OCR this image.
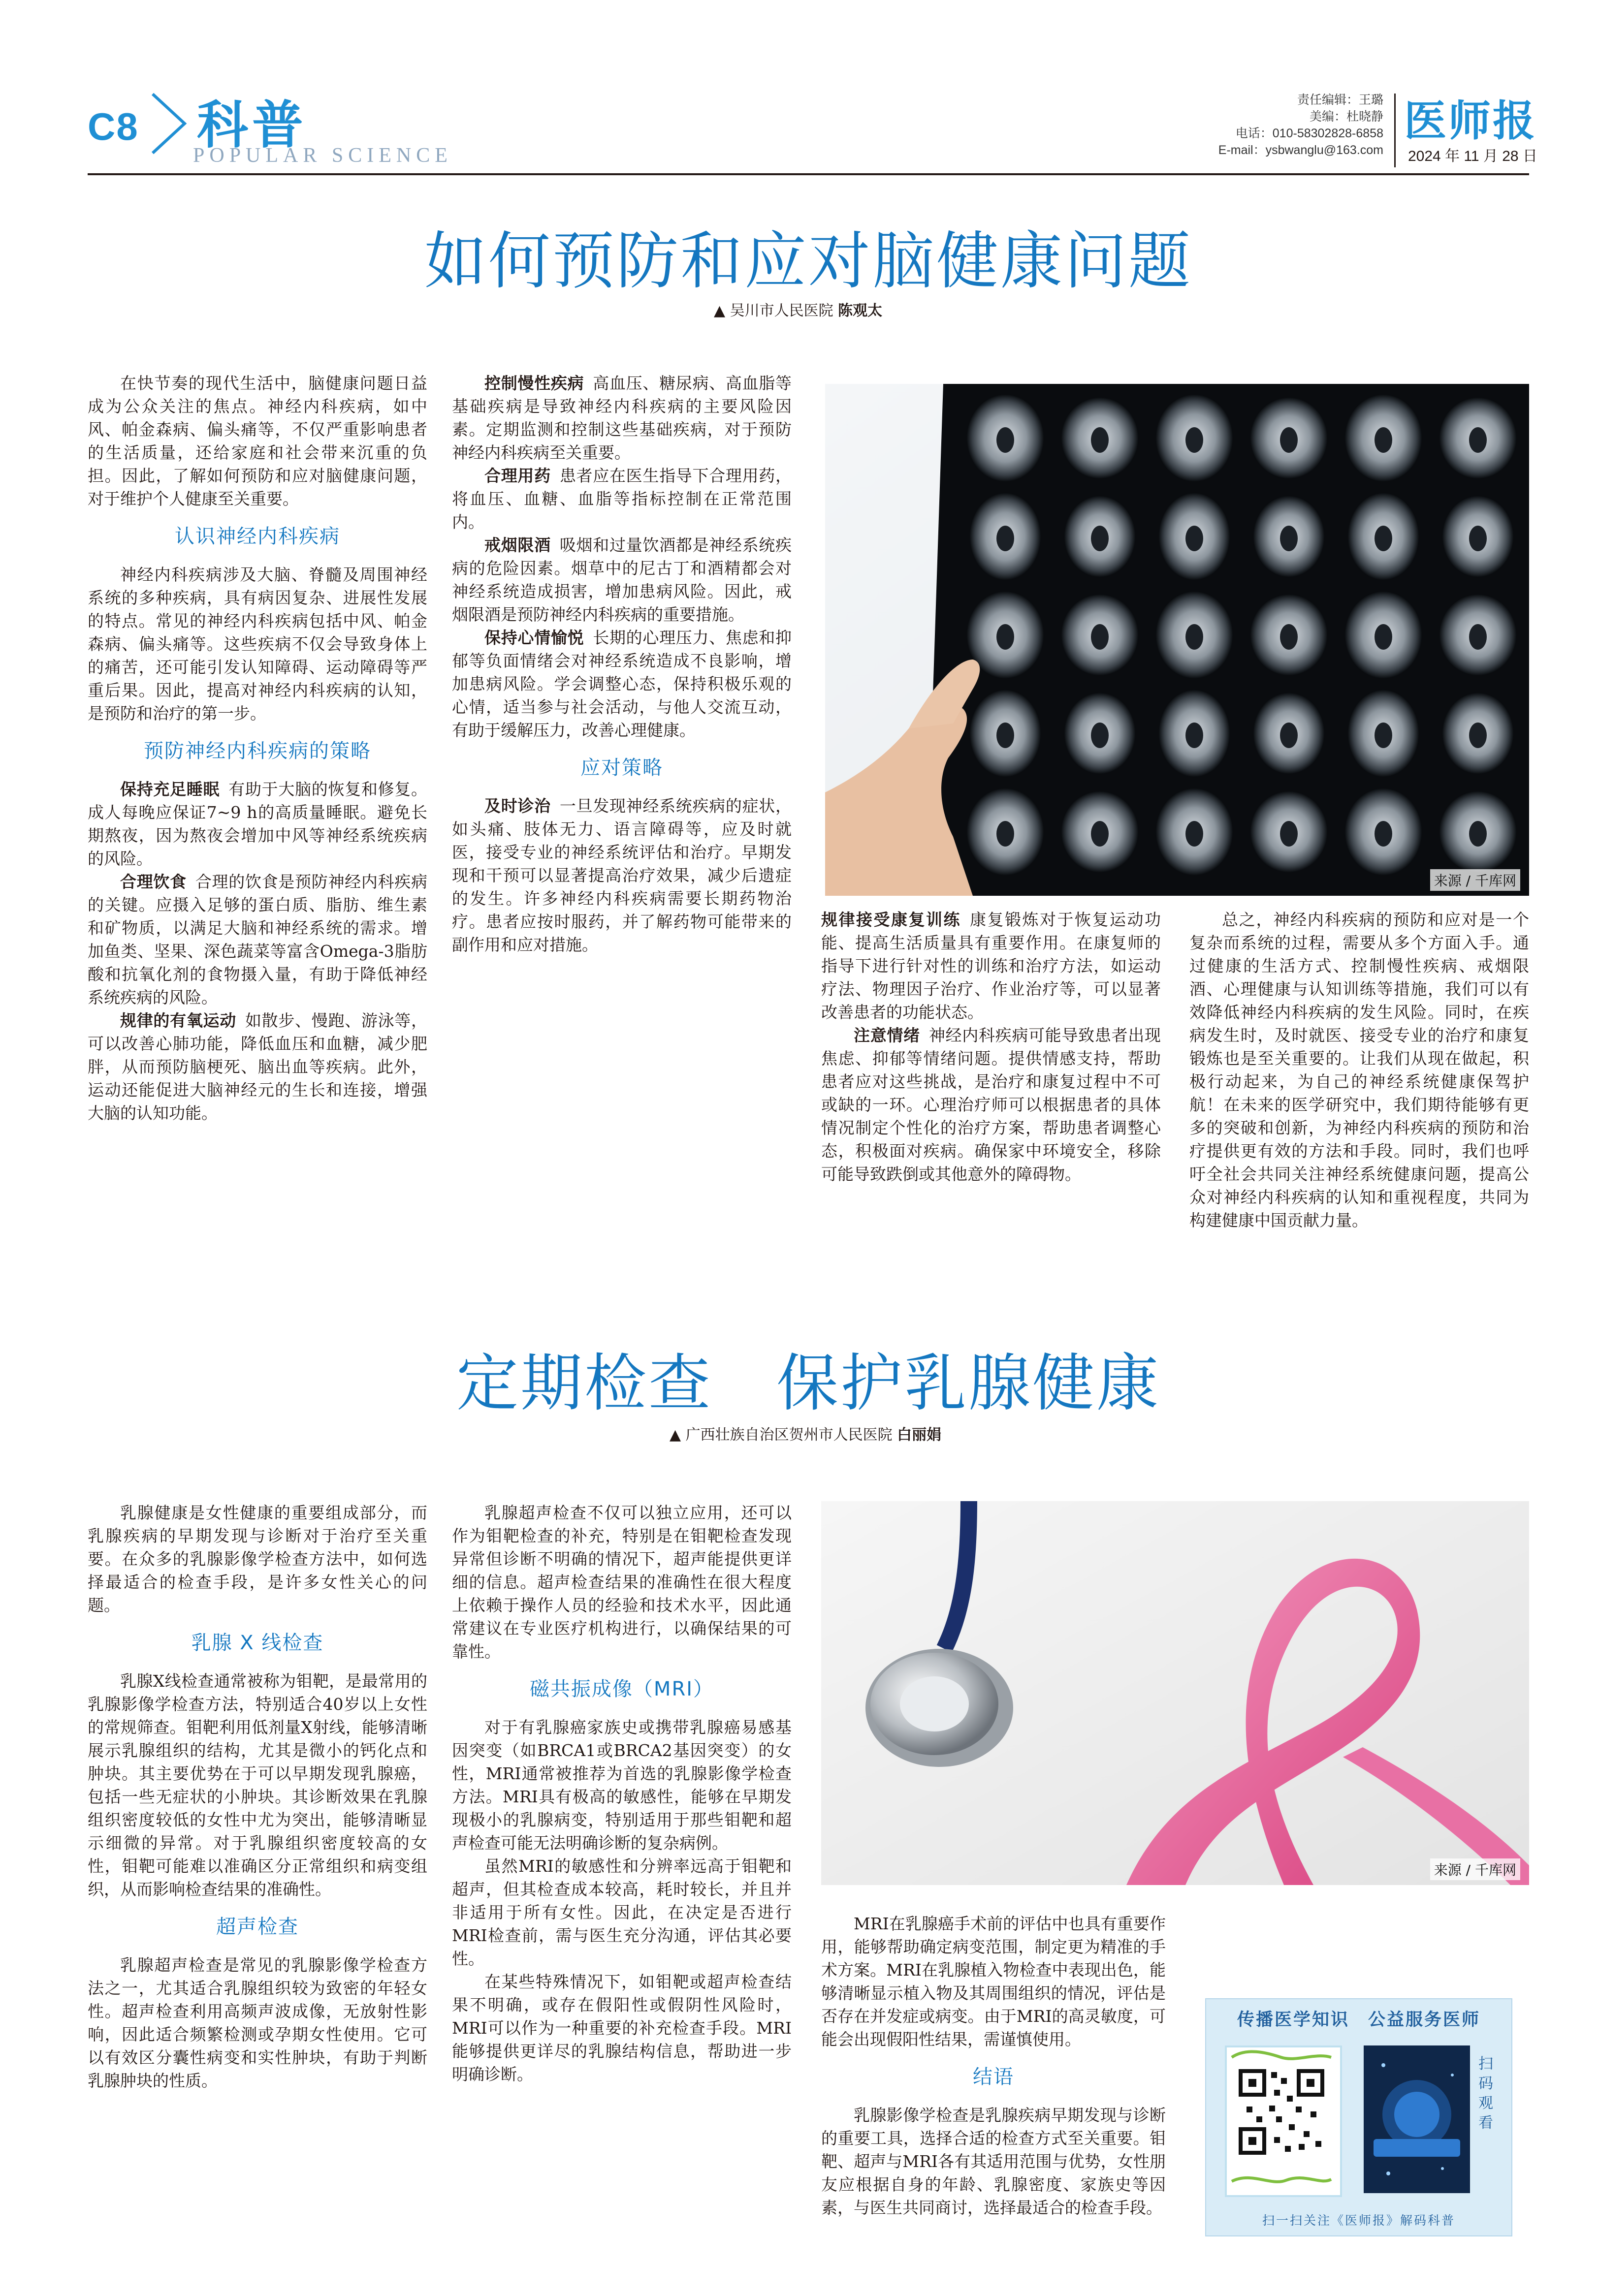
C8 科普
POPULAR SCIENCE
责任编辑：王璐
美编：杜晓静
电话：010-58302828-6858
E-mail：ysbwanglu@163.com
医师报
2024 年 11 月 28 日
如何预防和应对脑健康问题
▲ 吴川市人民医院 陈观太

在快节奏的现代生活中，脑健康问题日益成为公众关注的焦点。神经内科疾病，如中风、帕金森病、偏头痛等，不仅严重影响患者的生活质量，还给家庭和社会带来沉重的负担。因此，了解如何预防和应对脑健康问题，对于维护个人健康至关重要。

认识神经内科疾病

神经内科疾病涉及大脑、脊髓及周围神经系统的多种疾病，具有病因复杂、进展性发展的特点。常见的神经内科疾病包括中风、帕金森病、偏头痛等。这些疾病不仅会导致身体上的痛苦，还可能引发认知障碍、运动障碍等严重后果。因此，提高对神经内科疾病的认知，是预防和治疗的第一步。

预防神经内科疾病的策略

保持充足睡眠 有助于大脑的恢复和修复。成人每晚应保证7~9 h的高质量睡眠。避免长期熬夜，因为熬夜会增加中风等神经系统疾病的风险。

合理饮食 合理的饮食是预防神经内科疾病的关键。应摄入足够的蛋白质、脂肪、维生素和矿物质，以满足大脑和神经系统的需求。增加鱼类、坚果、深色蔬菜等富含Omega-3脂肪酸和抗氧化剂的食物摄入量，有助于降低神经系统疾病的风险。

规律的有氧运动 如散步、慢跑、游泳等，可以改善心肺功能，降低血压和血糖，减少肥胖，从而预防脑梗死、脑出血等疾病。此外，运动还能促进大脑神经元的生长和连接，增强大脑的认知功能。

控制慢性疾病 高血压、糖尿病、高血脂等基础疾病是导致神经内科疾病的主要风险因素。定期监测和控制这些基础疾病，对于预防神经内科疾病至关重要。

合理用药 患者应在医生指导下合理用药，将血压、血糖、血脂等指标控制在正常范围内。

戒烟限酒 吸烟和过量饮酒都是神经系统疾病的危险因素。烟草中的尼古丁和酒精都会对神经系统造成损害，增加患病风险。因此，戒烟限酒是预防神经内科疾病的重要措施。

保持心情愉悦 长期的心理压力、焦虑和抑郁等负面情绪会对神经系统造成不良影响，增加患病风险。学会调整心态，保持积极乐观的心情，适当参与社会活动，与他人交流互动，有助于缓解压力，改善心理健康。

应对策略

及时诊治 一旦发现神经系统疾病的症状，如头痛、肢体无力、语言障碍等，应及时就医，接受专业的神经系统评估和治疗。早期发现和干预可以显著提高治疗效果，减少后遗症的发生。许多神经内科疾病需要长期药物治疗。患者应按时服药，并了解药物可能带来的副作用和应对措施。

来源 / 千库网

规律接受康复训练 康复锻炼对于恢复运动功能、提高生活质量具有重要作用。在康复师的指导下进行针对性的训练和治疗方法，如运动疗法、物理因子治疗、作业治疗等，可以显著改善患者的功能状态。

注意情绪 神经内科疾病可能导致患者出现焦虑、抑郁等情绪问题。提供情感支持，帮助患者应对这些挑战，是治疗和康复过程中不可或缺的一环。心理治疗师可以根据患者的具体情况制定个性化的治疗方案，帮助患者调整心态，积极面对疾病。确保家中环境安全，移除可能导致跌倒或其他意外的障碍物。

总之，神经内科疾病的预防和应对是一个复杂而系统的过程，需要从多个方面入手。通过健康的生活方式、控制慢性疾病、戒烟限酒、心理健康与认知训练等措施，我们可以有效降低神经内科疾病的发生风险。同时，在疾病发生时，及时就医、接受专业的治疗和康复锻炼也是至关重要的。让我们从现在做起，积极行动起来，为自己的神经系统健康保驾护航！在未来的医学研究中，我们期待能够有更多的突破和创新，为神经内科疾病的预防和治疗提供更有效的方法和手段。同时，我们也呼吁全社会共同关注神经系统健康问题，提高公众对神经内科疾病的认知和重视程度，共同为构建健康中国贡献力量。

定期检查　保护乳腺健康
▲ 广西壮族自治区贺州市人民医院 白丽娟

乳腺健康是女性健康的重要组成部分，而乳腺疾病的早期发现与诊断对于治疗至关重要。在众多的乳腺影像学检查方法中，如何选择最适合的检查手段，是许多女性关心的问题。

乳腺 X 线检查

乳腺X线检查通常被称为钼靶，是最常用的乳腺影像学检查方法，特别适合40岁以上女性的常规筛查。钼靶利用低剂量X射线，能够清晰展示乳腺组织的结构，尤其是微小的钙化点和肿块。其主要优势在于可以早期发现乳腺癌，包括一些无症状的小肿块。其诊断效果在乳腺组织密度较低的女性中尤为突出，能够清晰显示细微的异常。对于乳腺组织密度较高的女性，钼靶可能难以准确区分正常组织和病变组织，从而影响检查结果的准确性。

超声检查

乳腺超声检查是常见的乳腺影像学检查方法之一，尤其适合乳腺组织较为致密的年轻女性。超声检查利用高频声波成像，无放射性影响，因此适合频繁检测或孕期女性使用。它可以有效区分囊性病变和实性肿块，有助于判断乳腺肿块的性质。

乳腺超声检查不仅可以独立应用，还可以作为钼靶检查的补充，特别是在钼靶检查发现异常但诊断不明确的情况下，超声能提供更详细的信息。超声检查结果的准确性在很大程度上依赖于操作人员的经验和技术水平，因此通常建议在专业医疗机构进行，以确保结果的可靠性。

磁共振成像（MRI）

对于有乳腺癌家族史或携带乳腺癌易感基因突变（如BRCA1或BRCA2基因突变）的女性，MRI通常被推荐为首选的乳腺影像学检查方法。MRI具有极高的敏感性，能够在早期发现极小的乳腺病变，特别适用于那些钼靶和超声检查可能无法明确诊断的复杂病例。

虽然MRI的敏感性和分辨率远高于钼靶和超声，但其检查成本较高，耗时较长，并且并非适用于所有女性。因此，在决定是否进行MRI检查前，需与医生充分沟通，评估其必要性。

在某些特殊情况下，如钼靶或超声检查结果不明确，或存在假阳性或假阴性风险时，MRI可以作为一种重要的补充检查手段。MRI能够提供更详尽的乳腺结构信息，帮助进一步明确诊断。

来源 / 千库网

MRI在乳腺癌手术前的评估中也具有重要作用，能够帮助确定病变范围，制定更为精准的手术方案。MRI在乳腺植入物检查中表现出色，能够清晰显示植入物及其周围组织的情况，评估是否存在并发症或病变。由于MRI的高灵敏度，可能会出现假阳性结果，需谨慎使用。

结语

乳腺影像学检查是乳腺疾病早期发现与诊断的重要工具，选择合适的检查方式至关重要。钼靶、超声与MRI各有其适用范围与优势，女性朋友应根据自身的年龄、乳腺密度、家族史等因素，与医生共同商讨，选择最适合的检查手段。

传播医学知识　公益服务医师
扫码观看
扫一扫关注《医师报》解码科普
